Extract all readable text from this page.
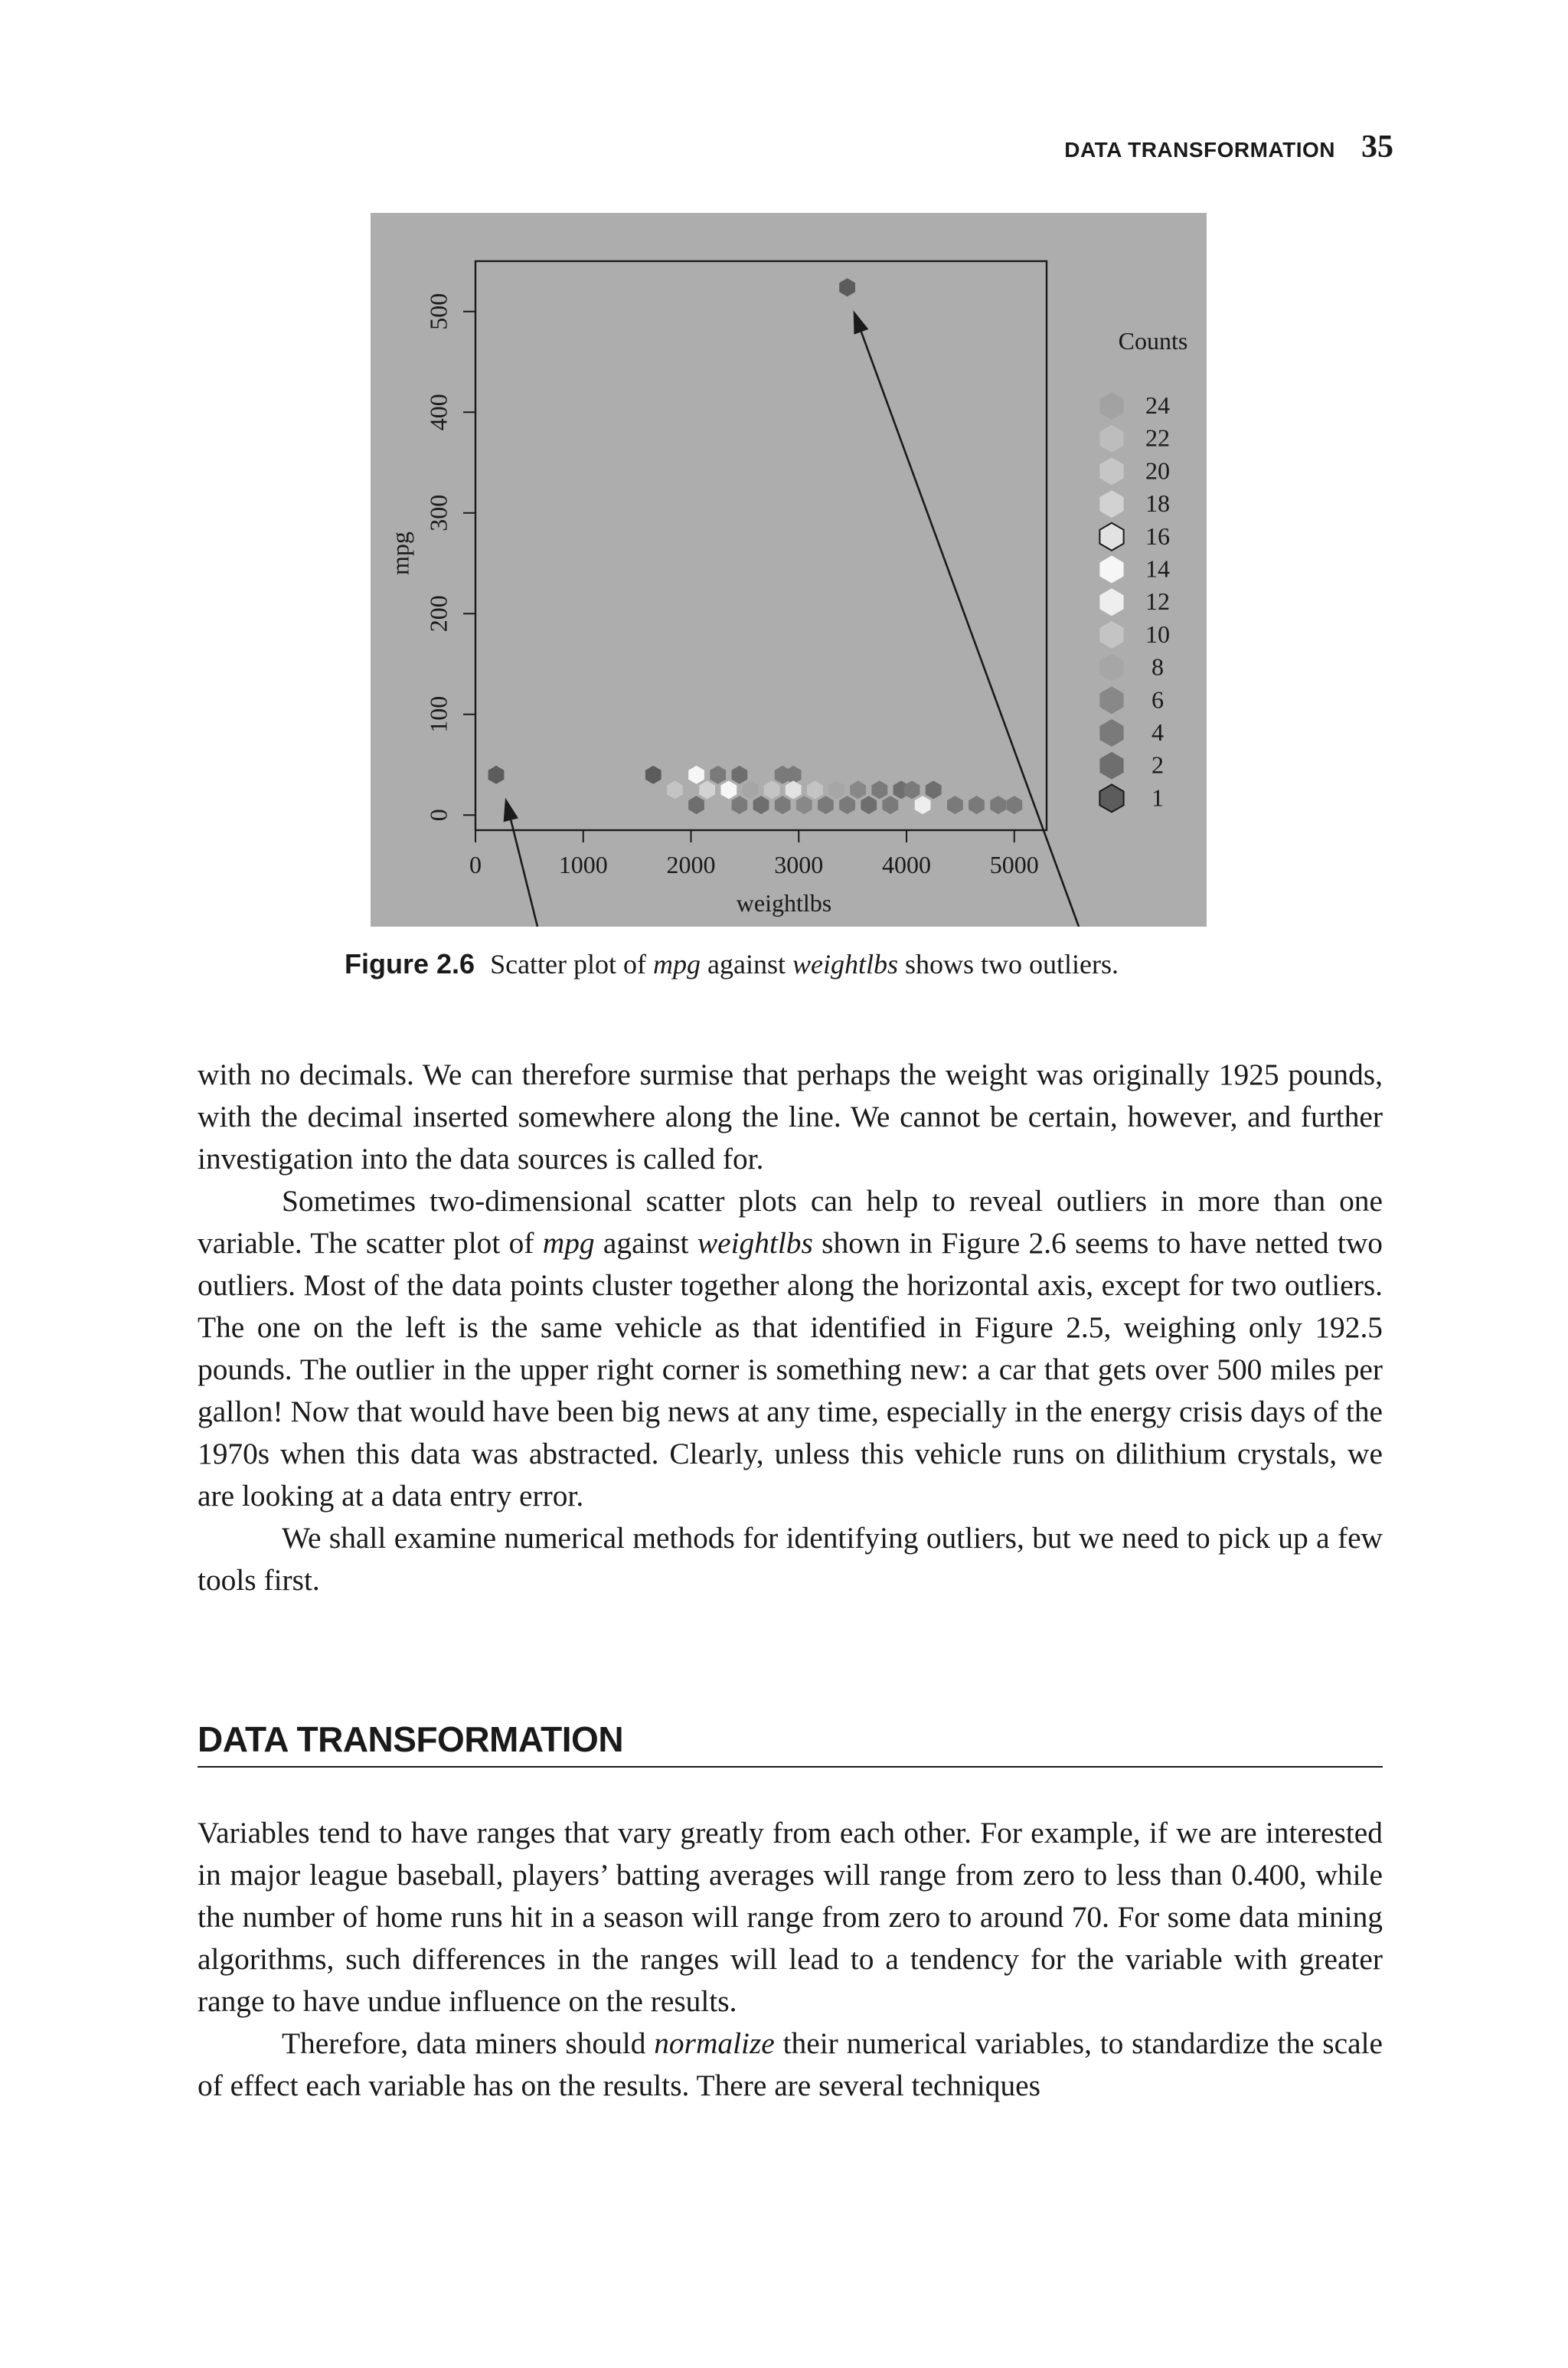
DATA TRANSFORMATION 35
0	1000 2000 3000 4000 5000
0
100
200
300
400
500
weightlbs
mpg
Counts
24
22
20
18
16
14
12
10
8
6
4
2
1
Figure 2.6 Scatter plot of mpg against weightlbs shows two outliers.

with no decimals. We can therefore surmise that perhaps the weight was originally 1925 pounds, with the decimal inserted somewhere along the line. We cannot be certain, however, and further investigation into the data sources is called for.

Sometimes two-dimensional scatter plots can help to reveal outliers in more than one variable. The scatter plot of mpg against weightlbs shown in Figure 2.6 seems to have netted two outliers. Most of the data points cluster together along the horizontal axis, except for two outliers. The one on the left is the same vehicle as that identified in Figure 2.5, weighing only 192.5 pounds. The outlier in the upper right corner is something new: a car that gets over 500 miles per gallon! Now that would have been big news at any time, especially in the energy crisis days of the 1970s when this data was abstracted. Clearly, unless this vehicle runs on dilithium crystals, we are looking at a data entry error.

We shall examine numerical methods for identifying outliers, but we need to pick up a few tools first.

DATA TRANSFORMATION

Variables tend to have ranges that vary greatly from each other. For example, if we are interested in major league baseball, players’ batting averages will range from zero to less than 0.400, while the number of home runs hit in a season will range from zero to around 70. For some data mining algorithms, such differences in the ranges will lead to a tendency for the variable with greater range to have undue influence on the results.

Therefore, data miners should normalize their numerical variables, to standardize the scale of effect each variable has on the results. There are several techniques
